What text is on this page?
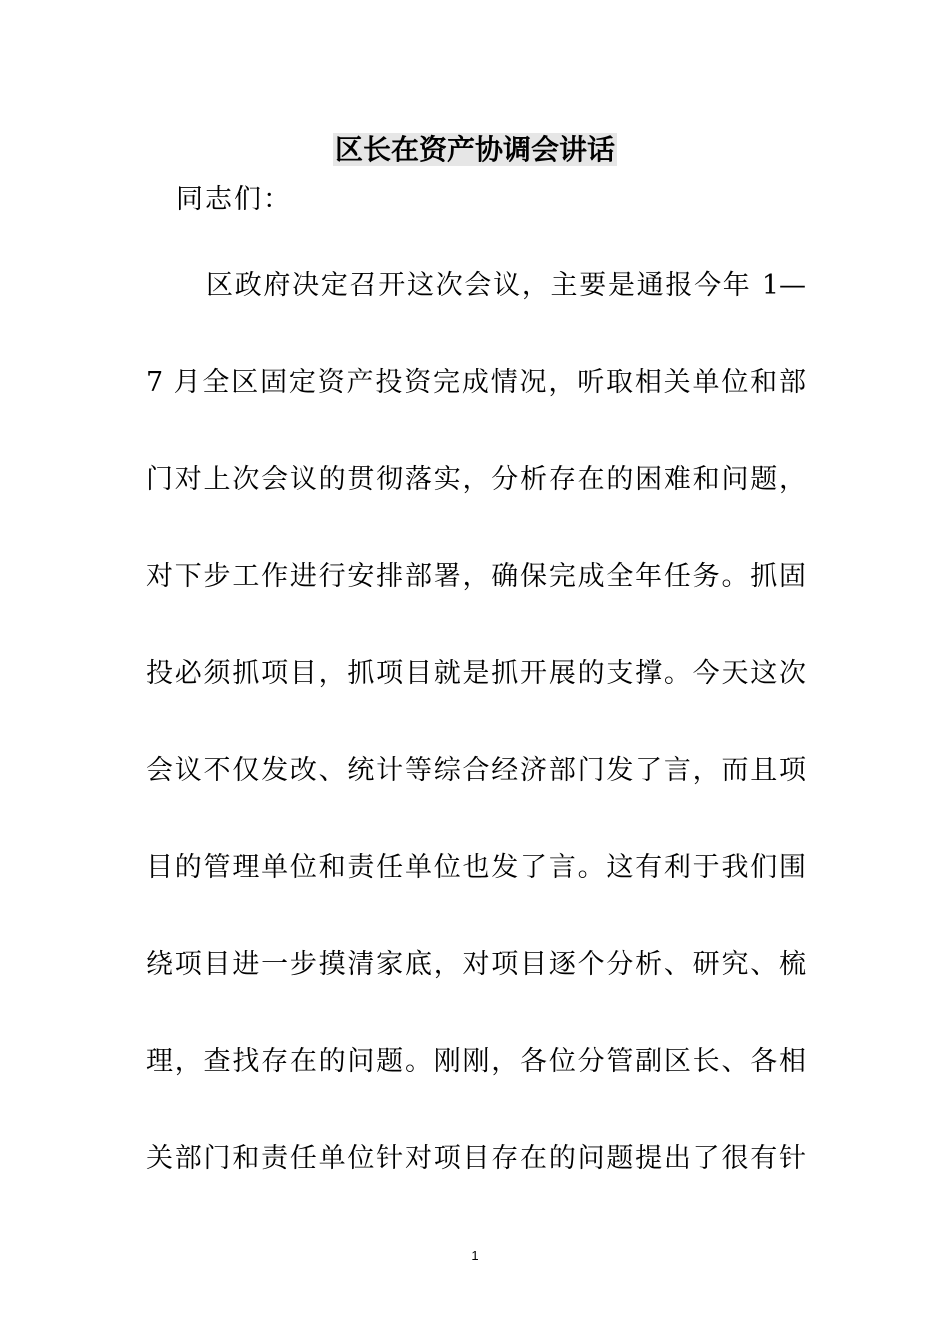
区长在资产协调会讲话
同志们：
区政府决定召开这次会议，主要是通报今年 1—
7 月全区固定资产投资完成情况，听取相关单位和部
门对上次会议的贯彻落实，分析存在的困难和问题，
对下步工作进行安排部署，确保完成全年任务。抓固
投必须抓项目，抓项目就是抓开展的支撑。今天这次
会议不仅发改、统计等综合经济部门发了言，而且项
目的管理单位和责任单位也发了言。这有利于我们围
绕项目进一步摸清家底，对项目逐个分析、研究、梳
理，查找存在的问题。刚刚，各位分管副区长、各相
关部门和责任单位针对项目存在的问题提出了很有针
1
